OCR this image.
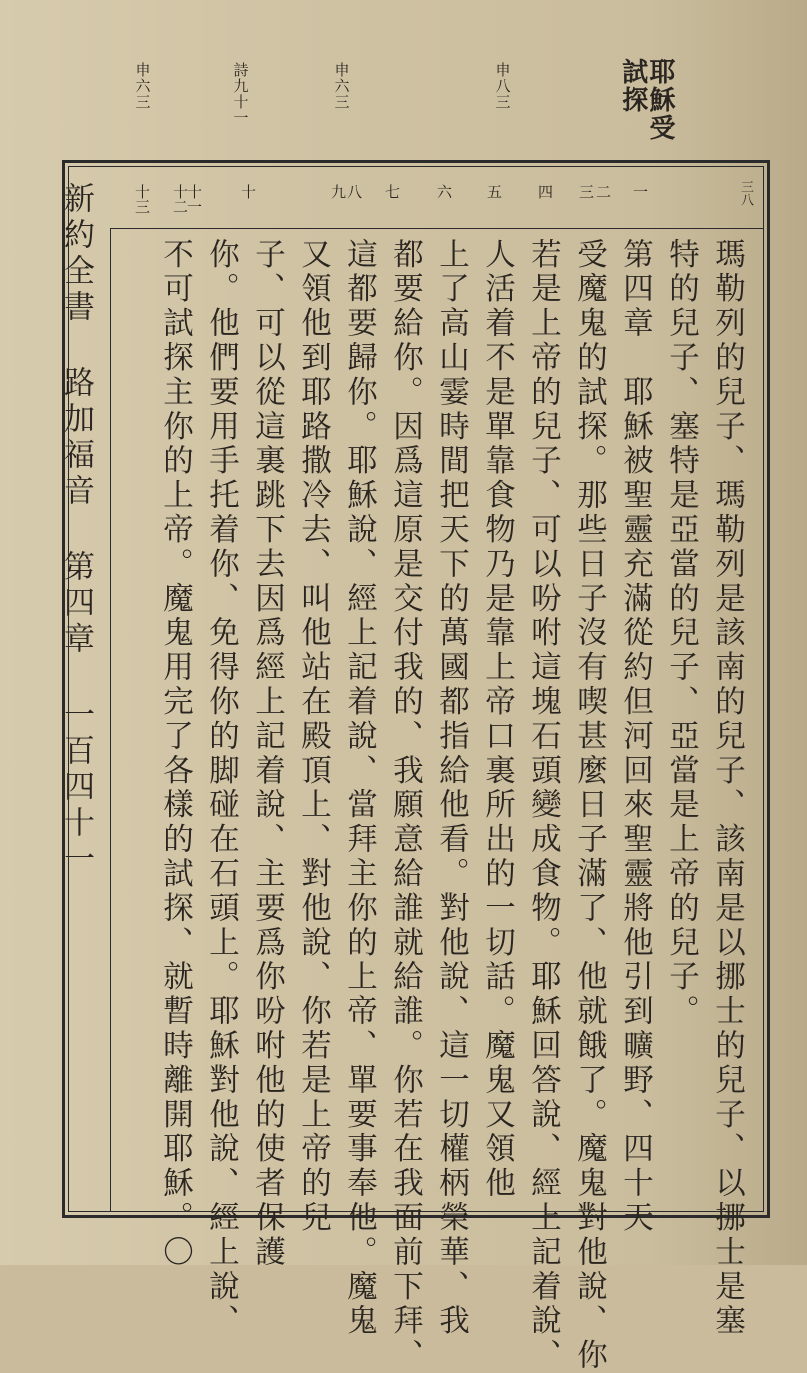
耶穌受
試探
申八三
申六三
詩九十一
申六三
三八
一
二
三
四
五
六
七
八
九
十
十一
十二
十三
瑪勒列的兒子、瑪勒列是該南的兒子、該南是以挪士的兒子、以挪士是塞
特的兒子、塞特是亞當的兒子、亞當是上帝的兒子。
第四章　耶穌被聖靈充滿從約但河回來聖靈將他引到曠野、四十天
受魔鬼的試探。那些日子沒有喫甚麼日子滿了、他就餓了。魔鬼對他說、你
若是上帝的兒子、可以吩咐這塊石頭變成食物。耶穌回答說、經上記着說、
人活着不是單靠食物乃是靠上帝口裏所出的一切話。魔鬼又領他
上了高山霎時間把天下的萬國都指給他看。對他說、這一切權柄榮華、我
都要給你。因爲這原是交付我的、我願意給誰就給誰。你若在我面前下拜、
這都要歸你。耶穌說、經上記着說、當拜主你的上帝、單要事奉他。魔鬼
又領他到耶路撒冷去、叫他站在殿頂上、對他說、你若是上帝的兒
子、可以從這裏跳下去因爲經上記着說、主要爲你吩咐他的使者保護
你。他們要用手托着你、免得你的脚碰在石頭上。耶穌對他說、經上說、
不可試探主你的上帝。魔鬼用完了各樣的試探、就暫時離開耶穌。〇
新約全書路加福音第四章一百四十一
